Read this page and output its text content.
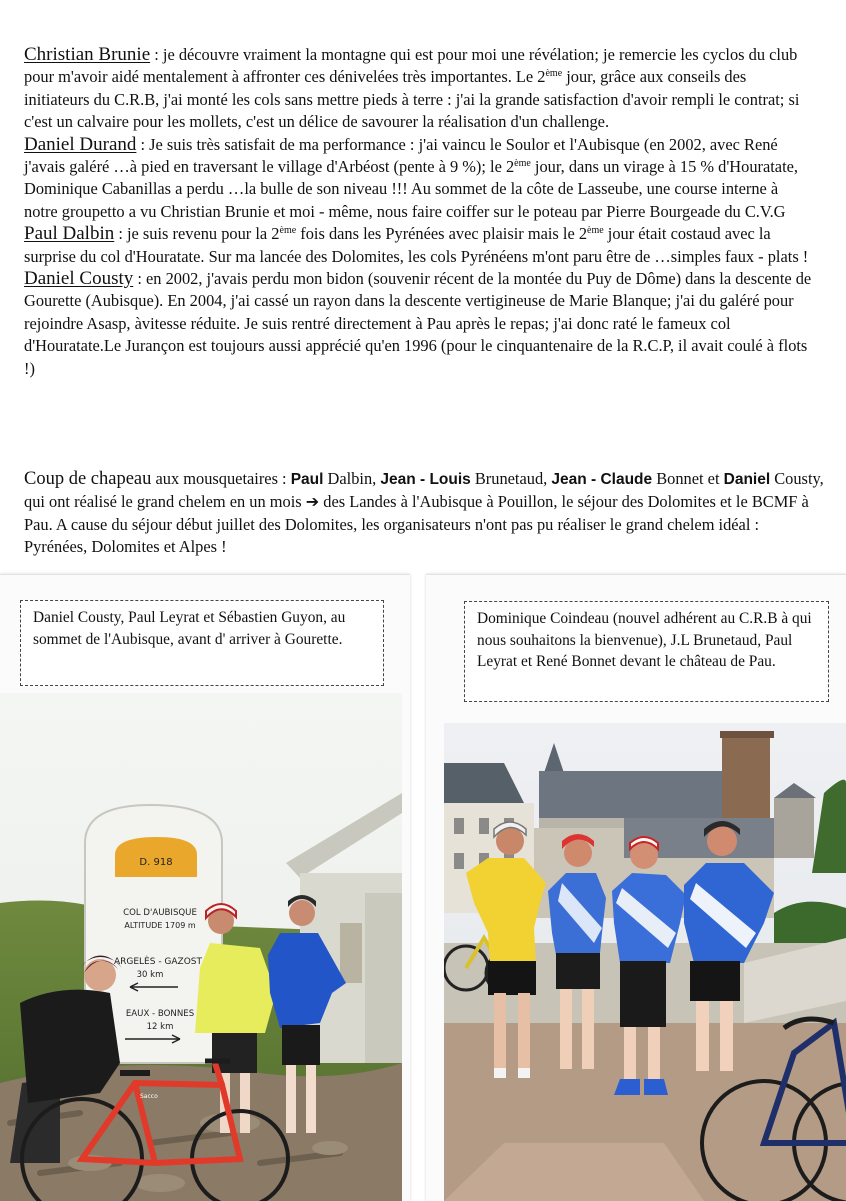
Christian Brunie : je découvre vraiment la montagne qui est pour moi une révélation; je remercie les cyclos du club pour m'avoir aidé mentalement à affronter ces dénivelées très importantes. Le 2ème jour, grâce aux conseils des initiateurs du C.R.B, j'ai monté les cols sans mettre pieds à terre : j'ai la grande satisfaction d'avoir rempli le contrat; si c'est un calvaire pour les mollets, c'est un délice de savourer la réalisation d'un challenge.

Daniel Durand : Je suis très satisfait de ma performance : j'ai vaincu le Soulor et l'Aubisque (en 2002, avec René j'avais galéré …à pied en traversant le village d'Arbéost (pente à 9 %); le 2ème jour, dans un virage à 15 % d'Houratate, Dominique Cabanillas a perdu …la bulle de son niveau !!! Au sommet de la côte de Lasseube, une course interne à notre groupetto a vu Christian Brunie et moi - même, nous faire coiffer sur le poteau par Pierre Bourgeade du C.V.G

Paul Dalbin : je suis revenu pour la 2ème fois dans les Pyrénées avec plaisir mais le 2ème jour était costaud avec la surprise du col d'Houratate. Sur ma lancée des Dolomites, les cols Pyrénéens m'ont paru être de …simples faux - plats !

Daniel Cousty : en 2002, j'avais perdu mon bidon (souvenir récent de la montée du Puy de Dôme) dans la descente de Gourette (Aubisque). En 2004, j'ai cassé un rayon dans la descente vertigineuse de Marie Blanque; j'ai du galéré pour rejoindre Asasp, àvitesse réduite. Je suis rentré directement à Pau après le repas; j'ai donc raté le fameux col d'Houratate.Le Jurançon est toujours aussi apprécié qu'en 1996 (pour le cinquantenaire de la R.C.P, il avait coulé à flots !)

Coup de chapeau aux mousquetaires : Paul Dalbin, Jean - Louis Brunetaud, Jean - Claude Bonnet et Daniel Cousty, qui ont réalisé le grand chelem en un mois ➔ des Landes à l'Aubisque à Pouillon, le séjour des Dolomites et le BCMF à Pau. A cause du séjour début juillet des Dolomites, les organisateurs n'ont pas pu réaliser le grand chelem idéal : Pyrénées, Dolomites et Alpes !
Daniel Cousty, Paul Leyrat et Sébastien Guyon, au sommet de l'Aubisque, avant d' arriver à Gourette.
D. 918
COL D'AUBISQUE
ALTITUDE 1709 m
ARGELÈS - GAZOST
30 km
EAUX - BONNES
12 km
Sacco
Dominique Coindeau (nouvel adhérent au C.R.B à qui nous souhaitons la bienvenue), J.L Brunetaud, Paul Leyrat et René Bonnet devant le château de Pau.
